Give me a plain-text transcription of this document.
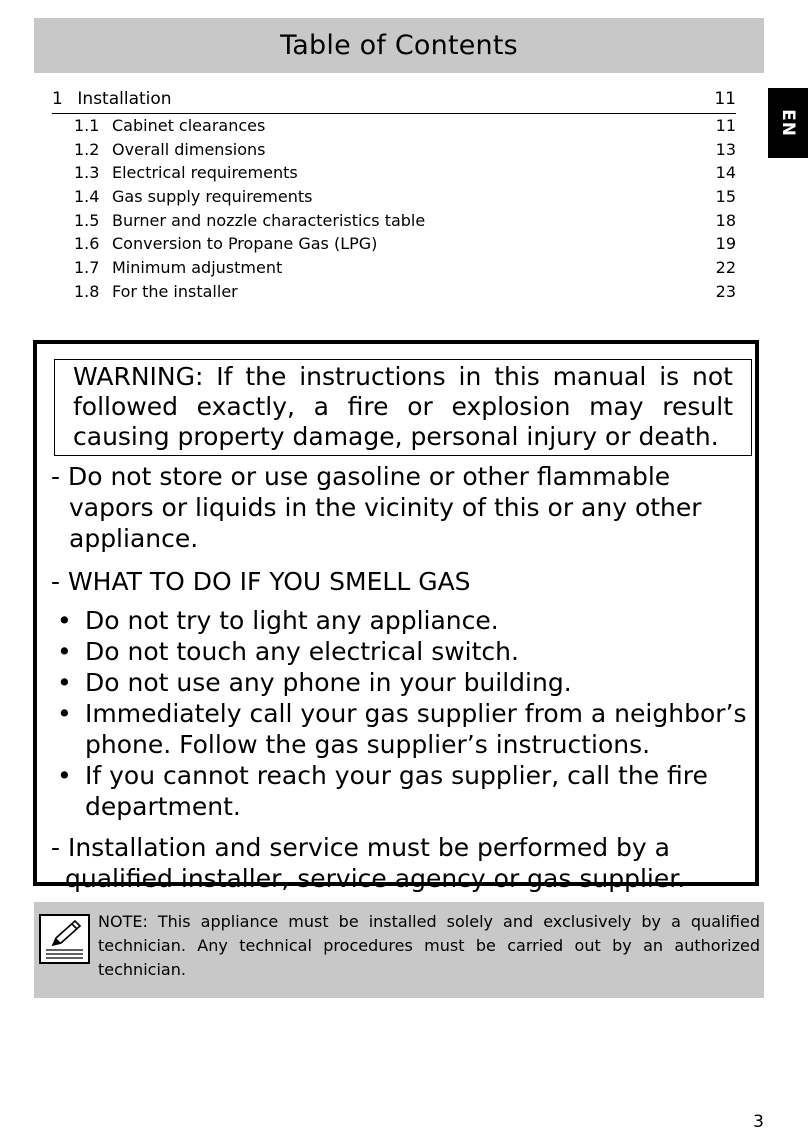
Table of Contents
EN
1 Installation	11
1.1 Cabinet clearances	11
1.2 Overall dimensions	13
1.3 Electrical requirements	14
1.4 Gas supply requirements	15
1.5 Burner and nozzle characteristics table	18
1.6 Conversion to Propane Gas (LPG)	19
1.7 Minimum adjustment	22
1.8 For the installer	23
WARNING: If the instructions in this manual is not followed exactly, a fire or explosion may result causing property damage, personal injury or death.

- Do not store or use gasoline or other flammable vapors or liquids in the vicinity of this or any other appliance.

- WHAT TO DO IF YOU SMELL GAS

• Do not try to light any appliance.
• Do not touch any electrical switch.
• Do not use any phone in your building.
• Immediately call your gas supplier from a neighbor’s phone. Follow the gas supplier’s instructions.
• If you cannot reach your gas supplier, call the fire department.

- Installation and service must be performed by a qualified installer, service agency or gas supplier.

NOTE: This appliance must be installed solely and exclusively by a qualified technician. Any technical procedures must be carried out by an authorized technician.
3
